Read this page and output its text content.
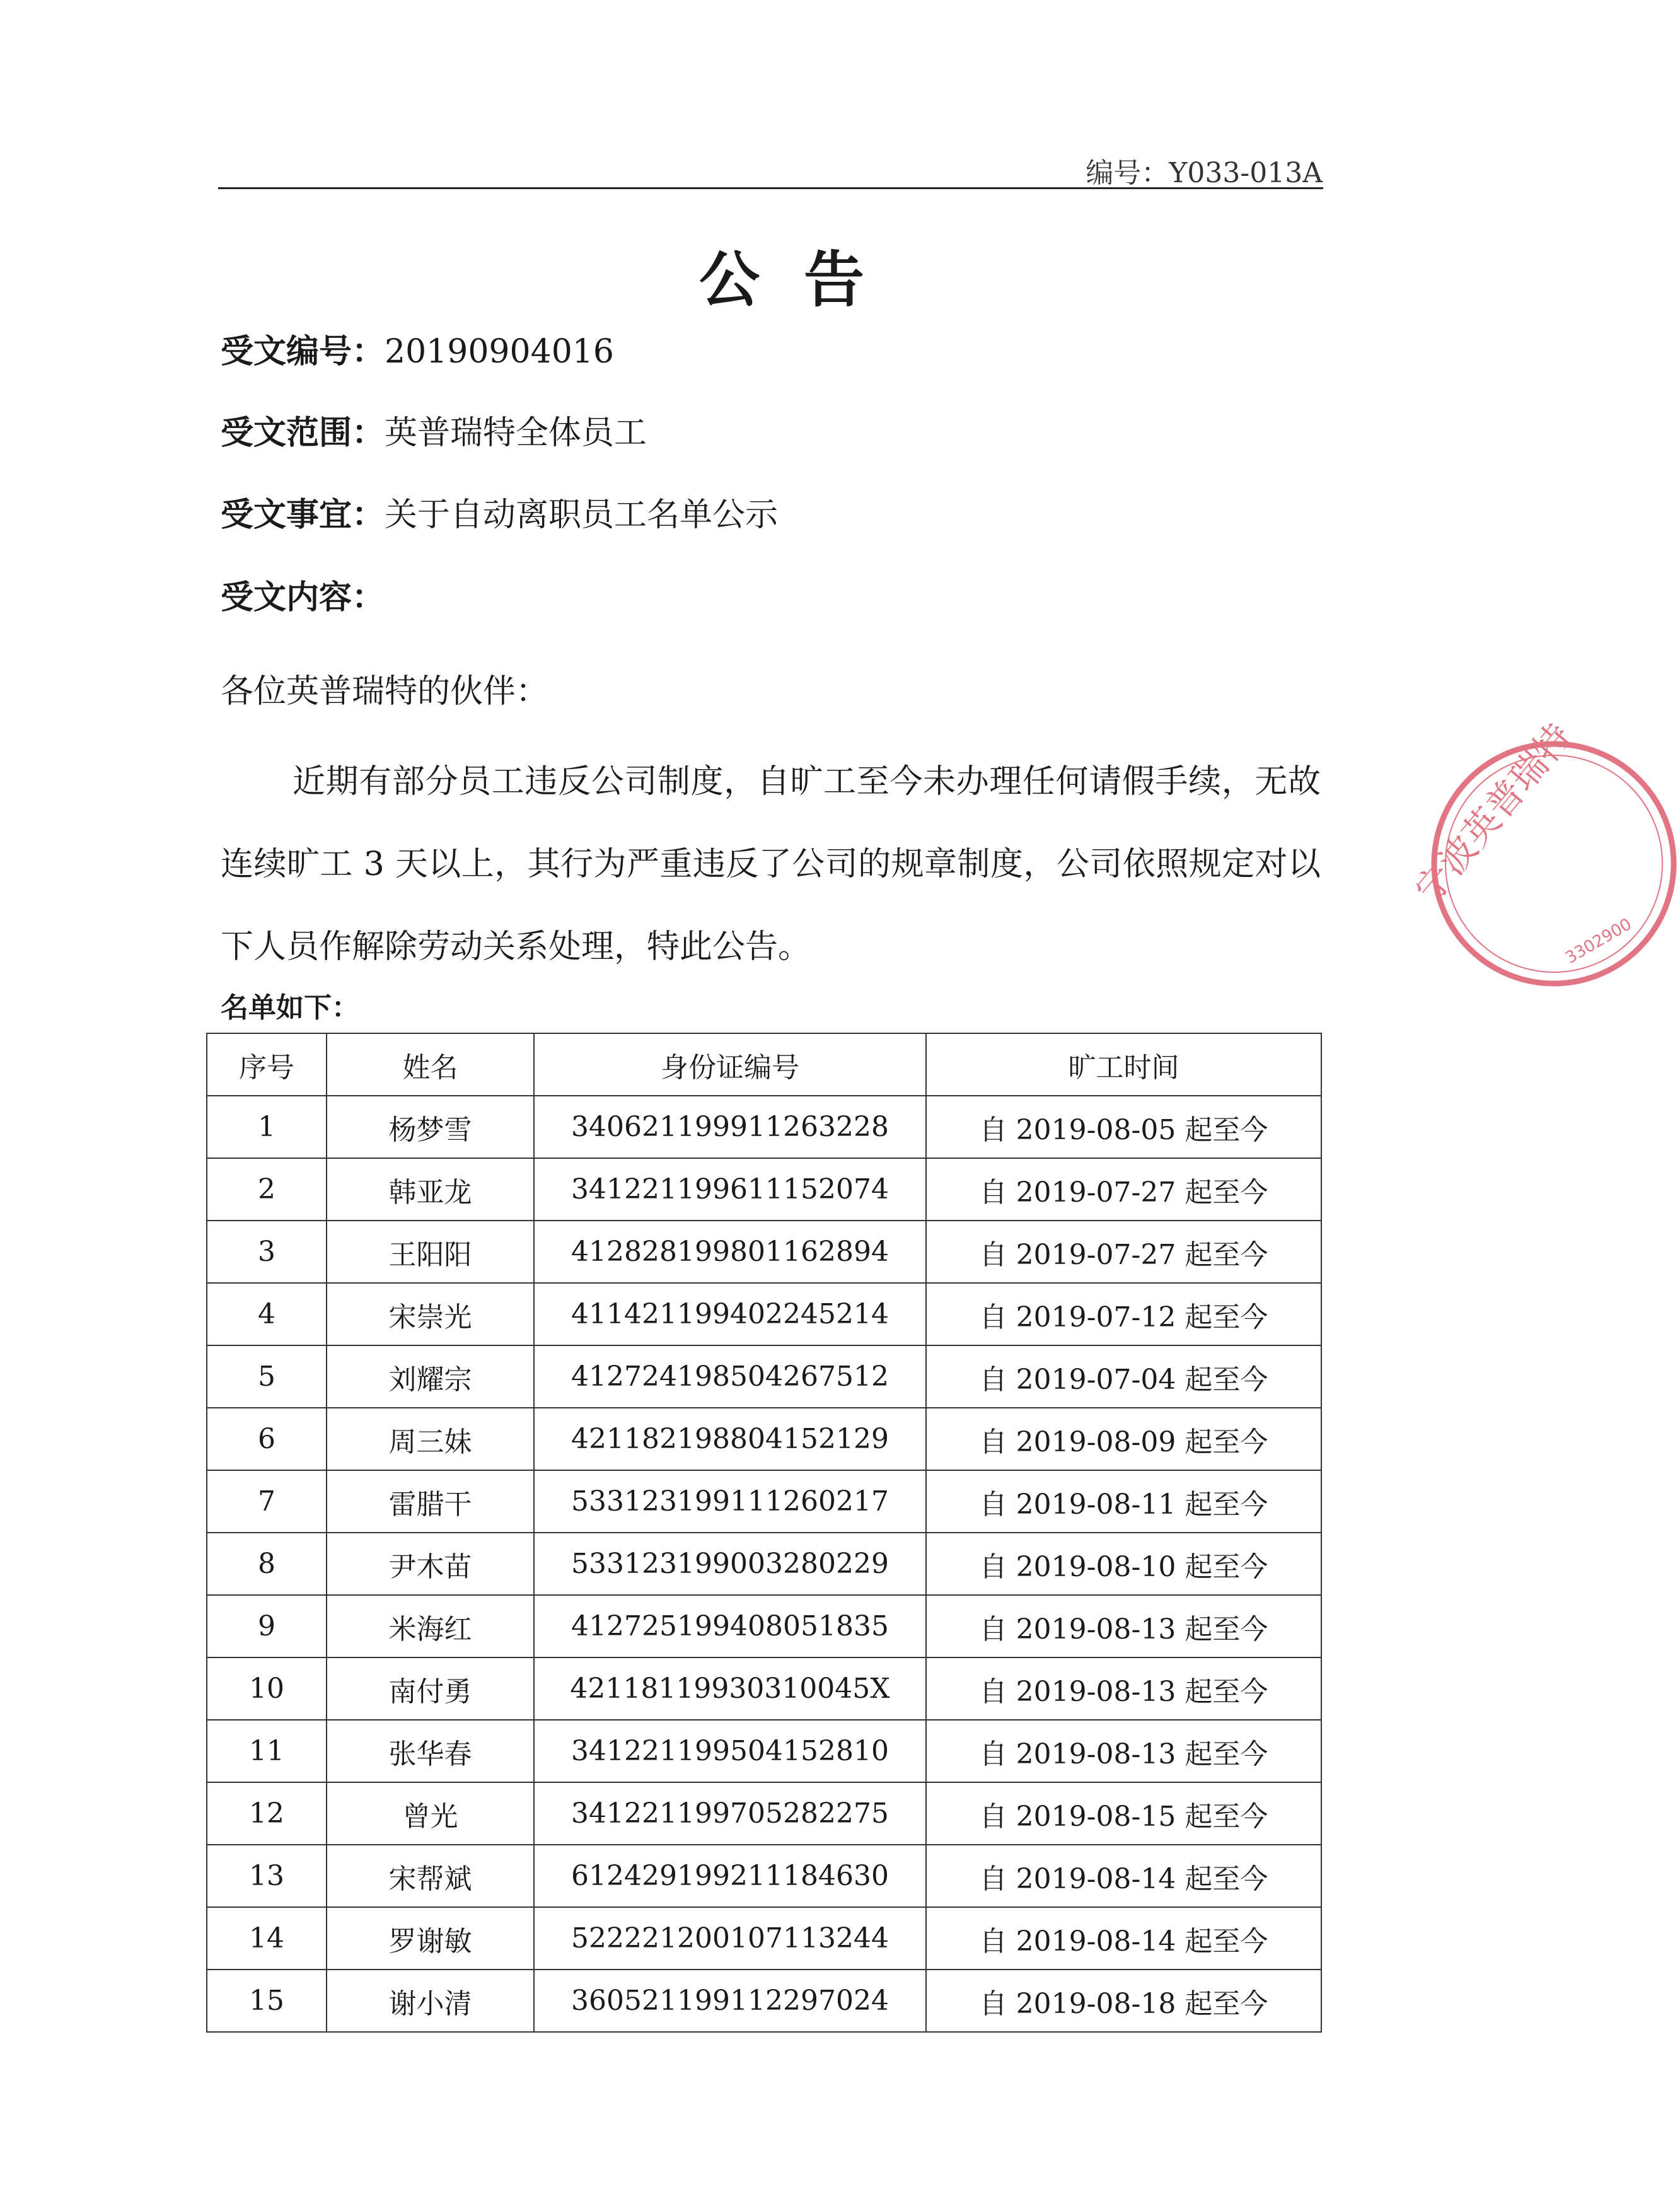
编号：Y033-013A
公告
受文编号：20190904016
受文范围：英普瑞特全体员工
受文事宜：关于自动离职员工名单公示
受文内容：
各位英普瑞特的伙伴：
近期有部分员工违反公司制度，自旷工至今未办理任何请假手续，无故连续旷工 3 天以上，其行为严重违反了公司的规章制度，公司依照规定对以下人员作解除劳动关系处理，特此公告。
名单如下：
序号	姓名	身份证编号	旷工时间
1	杨梦雪	340621199911263228	自 2019-08-05 起至今
2	韩亚龙	341221199611152074	自 2019-07-27 起至今
3	王阳阳	412828199801162894	自 2019-07-27 起至今
4	宋崇光	411421199402245214	自 2019-07-12 起至今
5	刘耀宗	412724198504267512	自 2019-07-04 起至今
6	周三妹	421182198804152129	自 2019-08-09 起至今
7	雷腊干	533123199111260217	自 2019-08-11 起至今
8	尹木苗	533123199003280229	自 2019-08-10 起至今
9	米海红	412725199408051835	自 2019-08-13 起至今
10	南付勇	42118119930310045X	自 2019-08-13 起至今
11	张华春	341221199504152810	自 2019-08-13 起至今
12	曾光	341221199705282275	自 2019-08-15 起至今
13	宋帮斌	612429199211184630	自 2019-08-14 起至今
14	罗谢敏	522221200107113244	自 2019-08-14 起至今
15	谢小清	360521199112297024	自 2019-08-18 起至今
宁波英普瑞特
3302900
